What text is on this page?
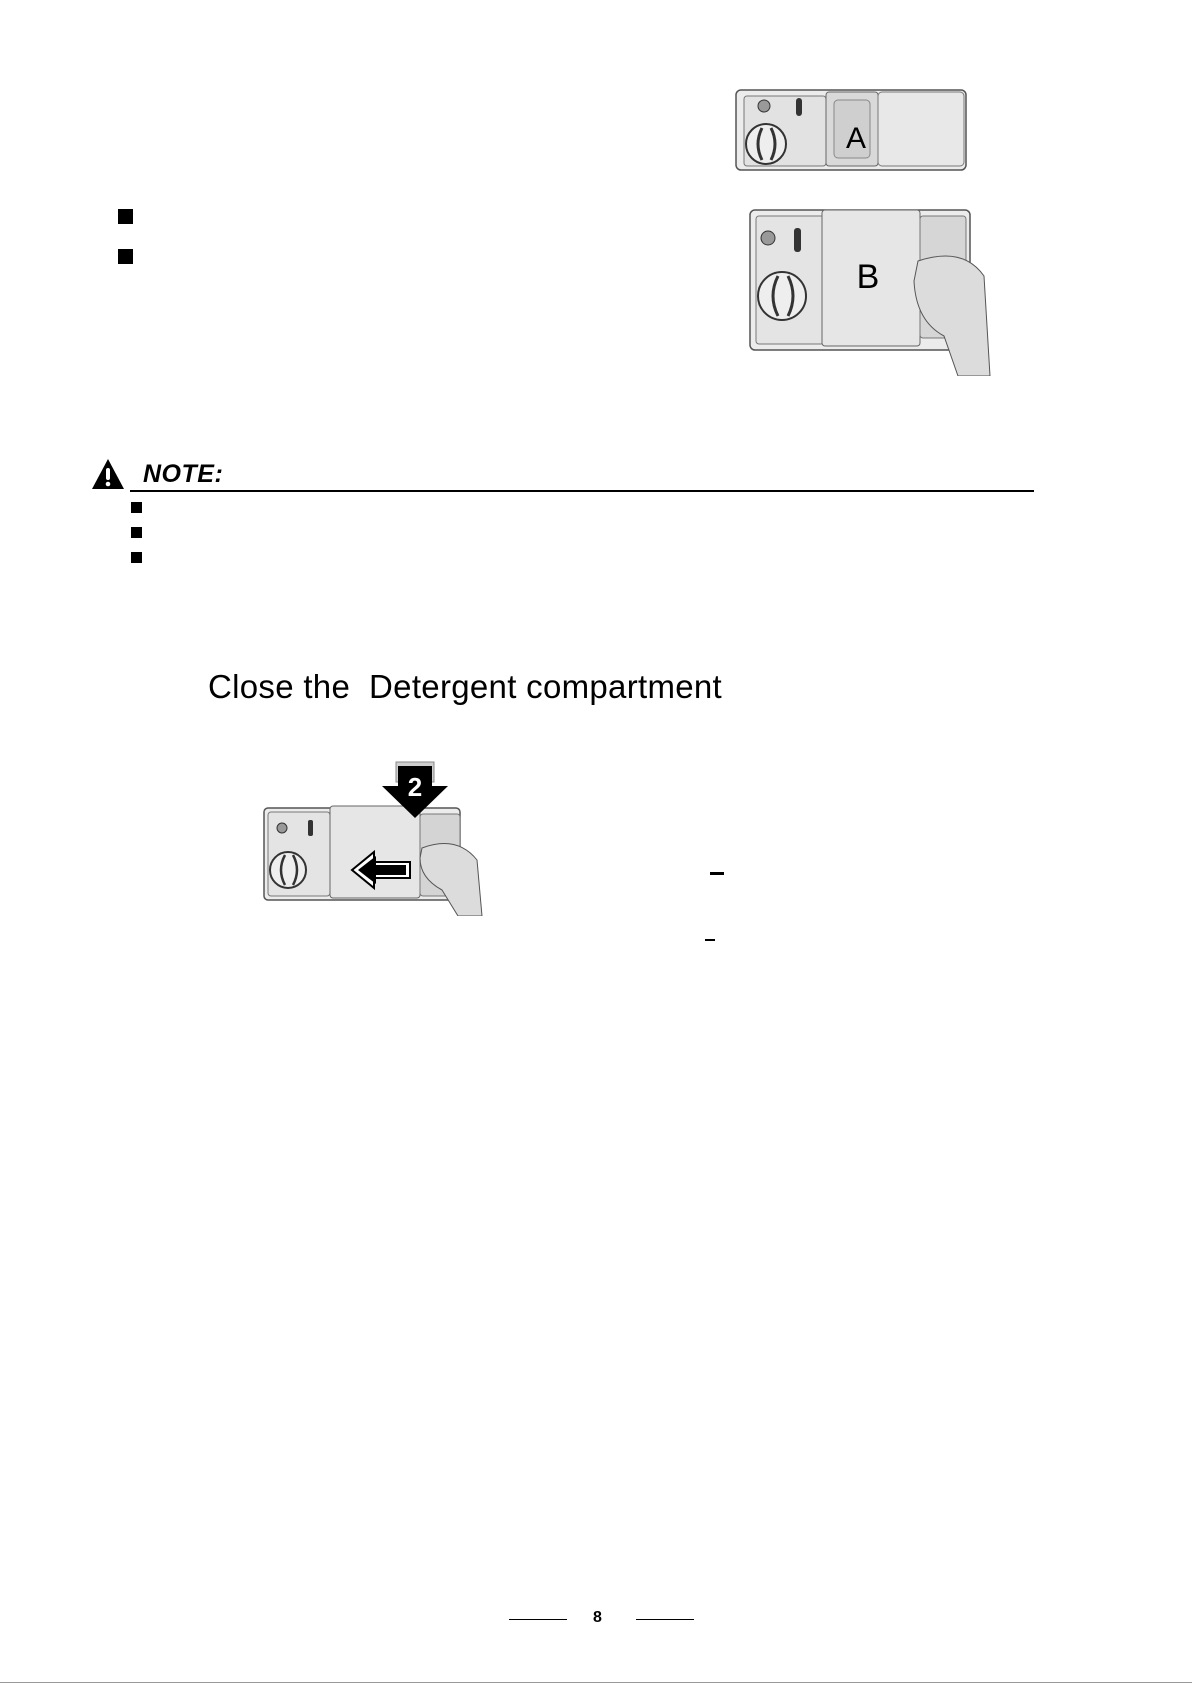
A
B
NOTE:
Close the  Detergent compartment
2
8
